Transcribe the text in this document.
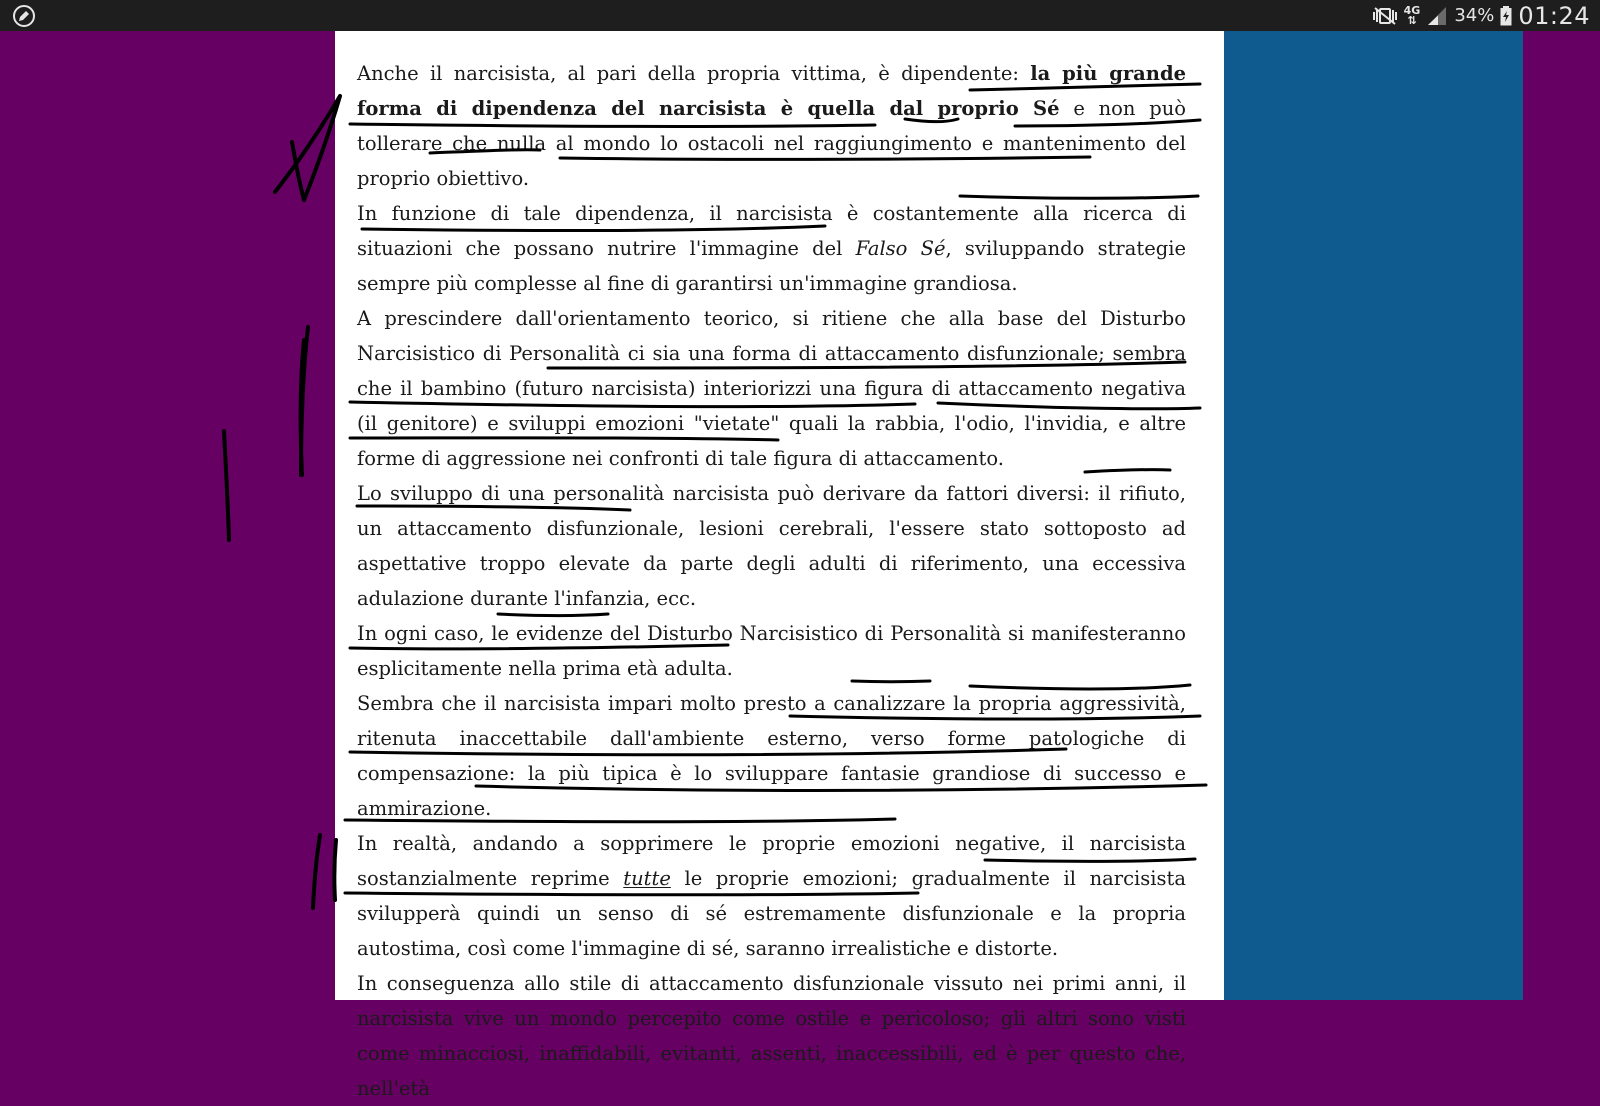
4G
⇅ 34% 01:24

Anche il narcisista, al pari della propria vittima, è dipendente: la più grande forma di dipendenza del narcisista è quella dal proprio Sé e non può tollerare che nulla al mondo lo ostacoli nel raggiungimento e mantenimento del proprio obiettivo.

In funzione di tale dipendenza, il narcisista è costantemente alla ricerca di situazioni che possano nutrire l'immagine del Falso Sé, sviluppando strategie sempre più complesse al fine di garantirsi un'immagine grandiosa.

A prescindere dall'orientamento teorico, si ritiene che alla base del Disturbo Narcisistico di Personalità ci sia una forma di attaccamento disfunzionale; sembra che il bambino (futuro narcisista) interiorizzi una figura di attaccamento negativa (il genitore) e sviluppi emozioni "vietate" quali la rabbia, l'odio, l'invidia, e altre forme di aggressione nei confronti di tale figura di attaccamento.

Lo sviluppo di una personalità narcisista può derivare da fattori diversi: il rifiuto, un attaccamento disfunzionale, lesioni cerebrali, l'essere stato sottoposto ad aspettative troppo elevate da parte degli adulti di riferimento, una eccessiva adulazione durante l'infanzia, ecc.

In ogni caso, le evidenze del Disturbo Narcisistico di Personalità si manifesteranno esplicitamente nella prima età adulta.

Sembra che il narcisista impari molto presto a canalizzare la propria aggressività, ritenuta inaccettabile dall'ambiente esterno, verso forme patologiche di compensazione: la più tipica è lo sviluppare fantasie grandiose di successo e ammirazione.

In realtà, andando a sopprimere le proprie emozioni negative, il narcisista sostanzialmente reprime tutte le proprie emozioni; gradualmente il narcisista svilupperà quindi un senso di sé estremamente disfunzionale e la propria autostima, così come l'immagine di sé, saranno irrealistiche e distorte.

In conseguenza allo stile di attaccamento disfunzionale vissuto nei primi anni, il narcisista vive un mondo percepito come ostile e pericoloso; gli altri sono visti come minacciosi, inaffidabili, evitanti, assenti, inaccessibili, ed è per questo che, nell'età
